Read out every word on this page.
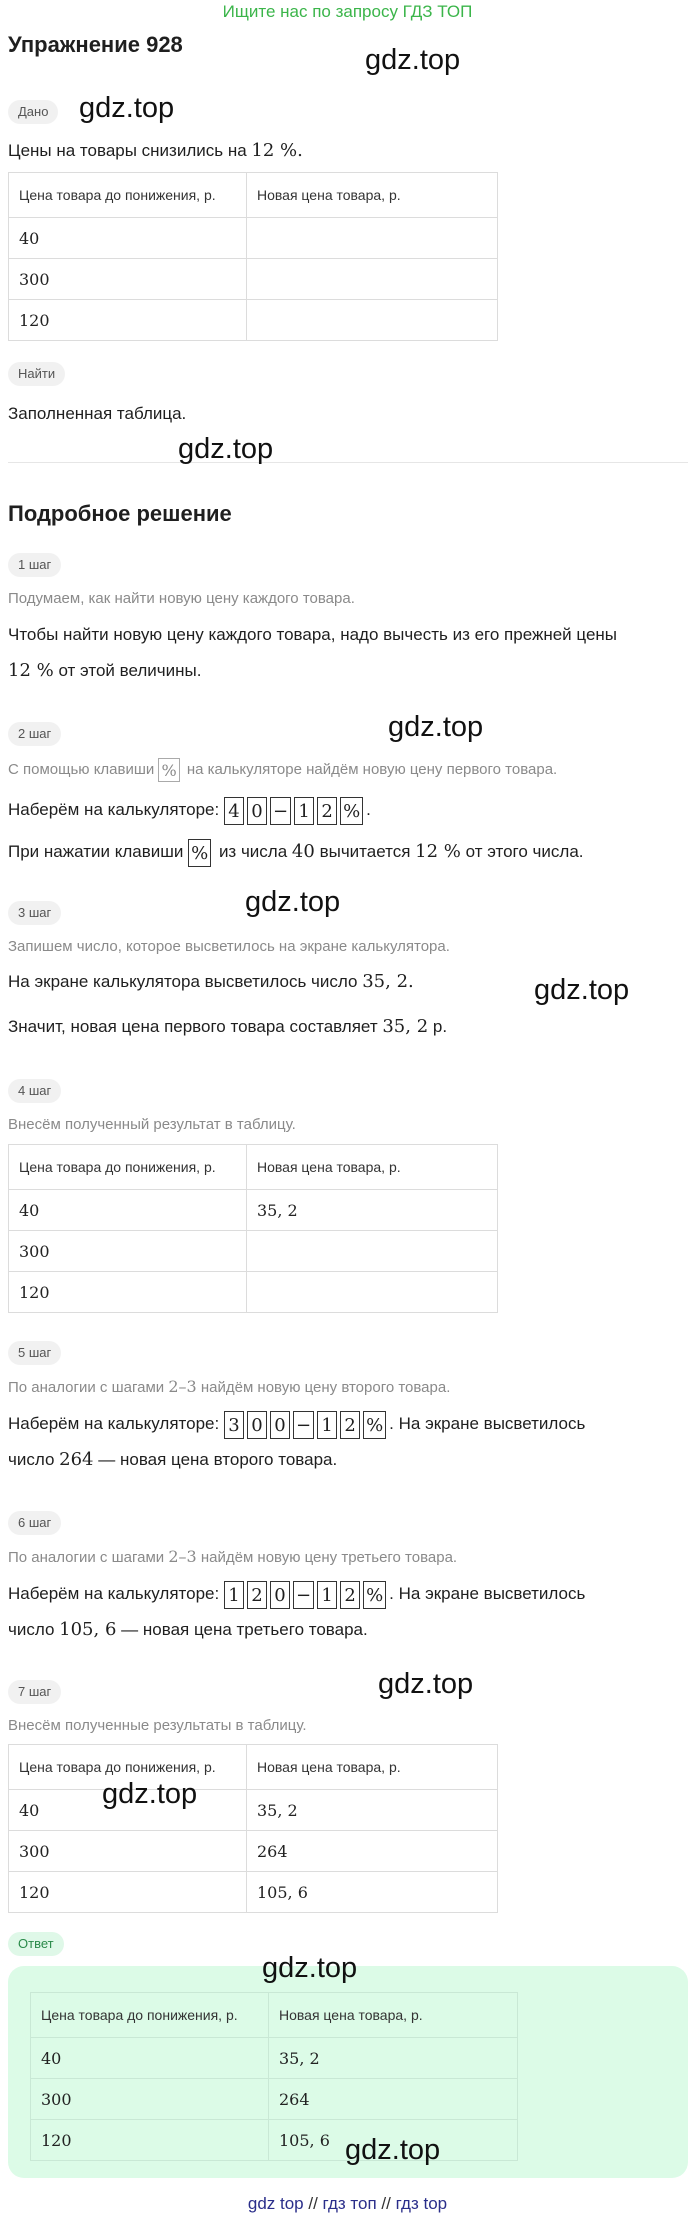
Ищите нас по запросу ГДЗ ТОП
Упражнение 928
Дано
Цены на товары снизились на 12 %.
Цена товара до понижения, р.	Новая цена товара, р.
40	
300	
120	
Найти
Заполненная таблица.
Подробное решение
1 шаг
Подумаем, как найти новую цену каждого товара.
Чтобы найти новую цену каждого товара, надо вычесть из его прежней цены
12 % от этой величины.
2 шаг
С помощью клавиши % на калькуляторе найдём новую цену первого товара.
Наберём на калькуляторе: 4 0 − 1 2 % .
При нажатии клавиши % из числа 40 вычитается 12 % от этого числа.
3 шаг
Запишем число, которое высветилось на экране калькулятора.
На экране калькулятора высветилось число 35, 2.
Значит, новая цена первого товара составляет 35, 2 р.
4 шаг
Внесём полученный результат в таблицу.
Цена товара до понижения, р.	Новая цена товара, р.
40	35, 2
300	
120	
5 шаг
По аналогии с шагами 2–3 найдём новую цену второго товара.
Наберём на калькуляторе: 3 0 0 − 1 2 % . На экране высветилось
число 264 — новая цена второго товара.
6 шаг
По аналогии с шагами 2–3 найдём новую цену третьего товара.
Наберём на калькуляторе: 1 2 0 − 1 2 % . На экране высветилось
число 105, 6 — новая цена третьего товара.
7 шаг
Внесём полученные результаты в таблицу.
Цена товара до понижения, р.	Новая цена товара, р.
40	35, 2
300	264
120	105, 6
Ответ
Цена товара до понижения, р.	Новая цена товара, р.
40	35, 2
300	264
120	105, 6
gdz top // гдз топ // гдз top
gdz.top
gdz.top
gdz.top
gdz.top
gdz.top
gdz.top
gdz.top
gdz.top
gdz.top
gdz.top
